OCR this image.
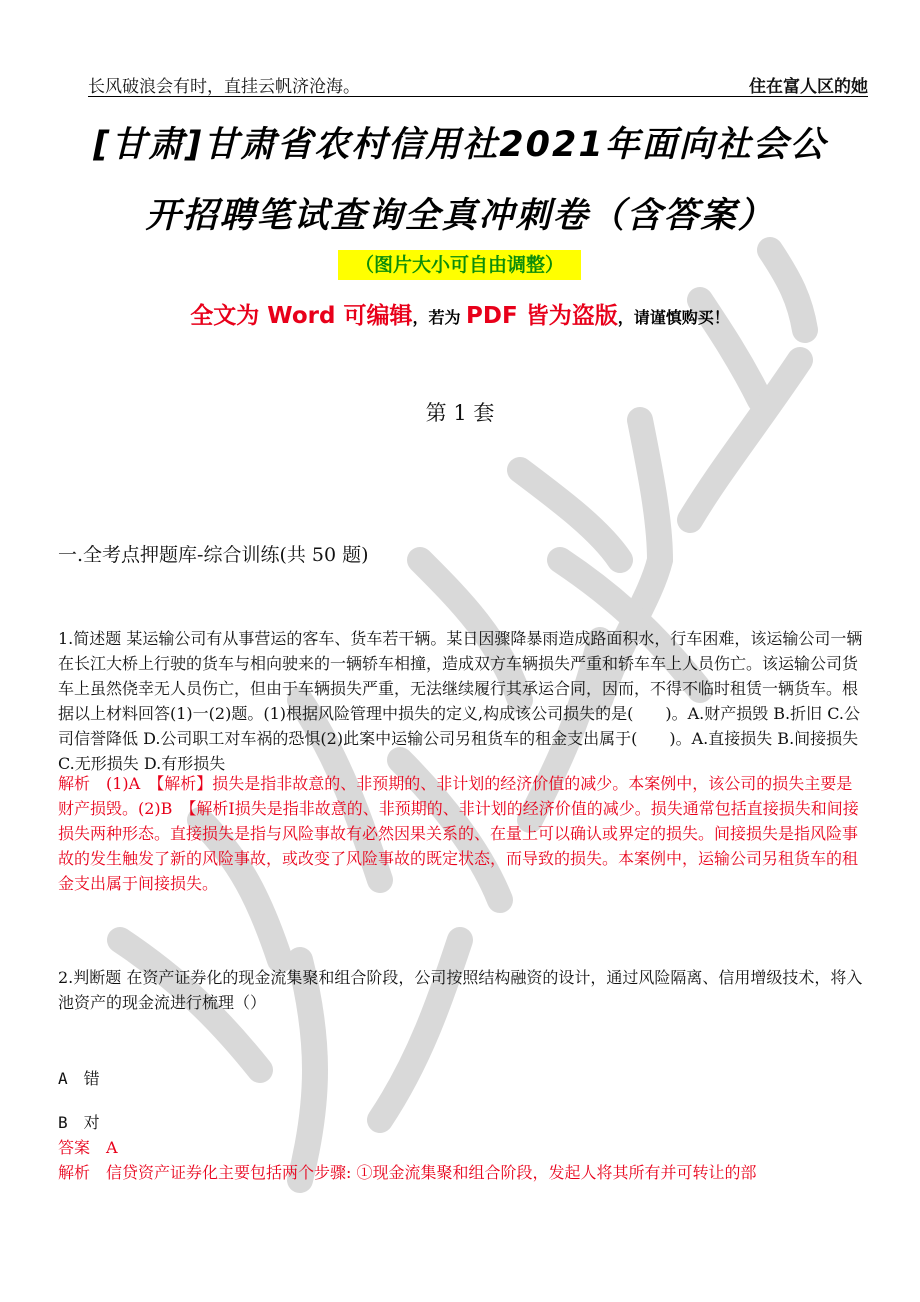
长风破浪会有时，直挂云帆济沧海。	住在富人区的她
[甘肃]甘肃省农村信用社2021年面向社会公
开招聘笔试查询全真冲刺卷（含答案）
（图片大小可自由调整）
全文为 Word 可编辑，若为 PDF 皆为盗版，请谨慎购买！
第 1 套
一.全考点押题库-综合训练(共 50 题)
1.简述题 某运输公司有从事营运的客车、货车若干辆。某日因骤降暴雨造成路面积水，行车困难，该运输公司一辆在长江大桥上行驶的货车与相向驶来的一辆轿车相撞，造成双方车辆损失严重和轿车车上人员伤亡。该运输公司货车上虽然侥幸无人员伤亡，但由于车辆损失严重，无法继续履行其承运合同，因而，不得不临时租赁一辆货车。根据以上材料回答(1)一(2)题。(1)根据风险管理中损失的定义,构成该公司损失的是(　　)。A.财产损毁 B.折旧 C.公司信誉降低 D.公司职工对车祸的恐惧(2)此案中运输公司另租货车的租金支出属于(　　)。A.直接损失 B.间接损失 C.无形损失 D.有形损失
解析　(1)A　【解析】损失是指非故意的、非预期的、非计划的经济价值的减少。本案例中，该公司的损失主要是财产损毁。(2)B　【解析Ⅰ损失是指非故意的、非预期的、非计划的经济价值的减少。损失通常包括直接损失和间接损失两种形态。直接损失是指与风险事故有必然因果关系的、在量上可以确认或界定的损失。间接损失是指风险事故的发生触发了新的风险事故，或改变了风险事故的既定状态，而导致的损失。本案例中，运输公司另租货车的租金支出属于间接损失。
2.判断题 在资产证券化的现金流集聚和组合阶段，公司按照结构融资的设计，通过风险隔离、信用增级技术，将入池资产的现金流进行梳理（）
A　错
B　对
答案　A
解析　信贷资产证券化主要包括两个步骤: ①现金流集聚和组合阶段，发起人将其所有并可转让的部
